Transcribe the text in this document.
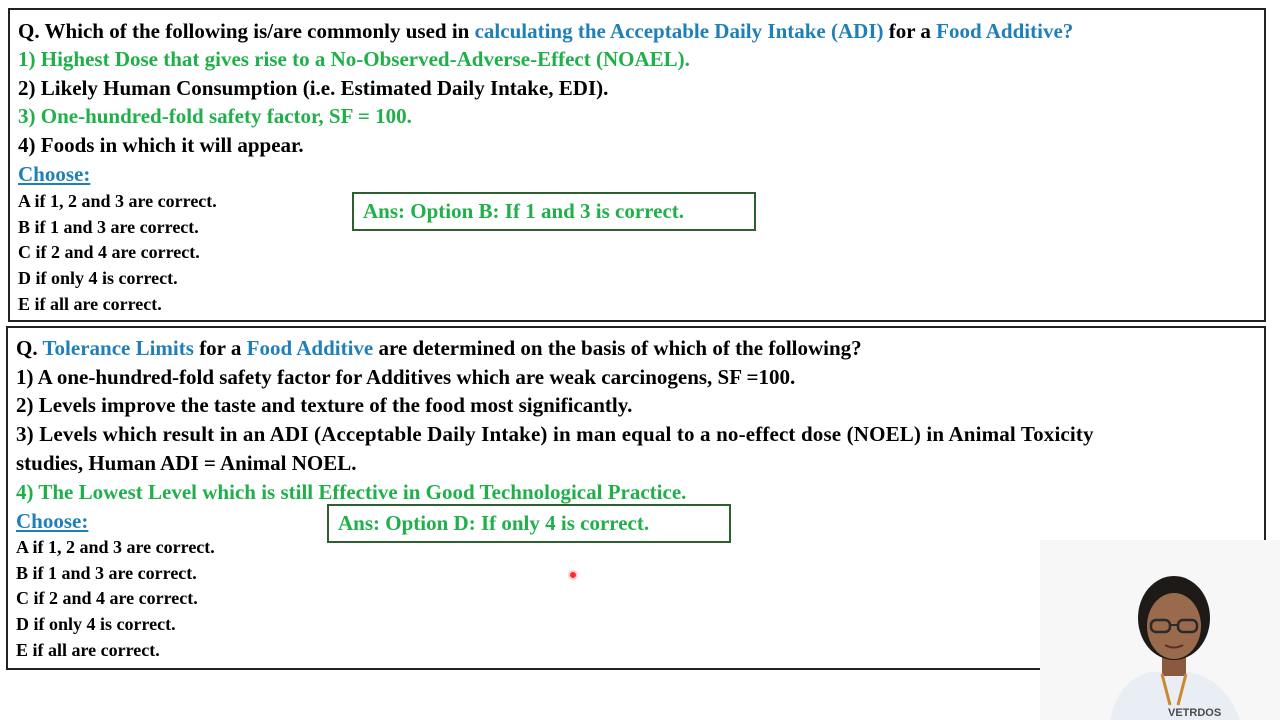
Q. Which of the following is/are commonly used in calculating the Acceptable Daily Intake (ADI) for a Food Additive?
1) Highest Dose that gives rise to a No-Observed-Adverse-Effect (NOAEL).
2) Likely Human Consumption (i.e. Estimated Daily Intake, EDI).
3) One-hundred-fold safety factor, SF = 100.
4) Foods in which it will appear.
Choose:
A if 1, 2 and 3 are correct.
B if 1 and 3 are correct.
C if 2 and 4 are correct.
D if only 4 is correct.
E if all are correct.
Ans: Option B: If 1 and 3 is correct.
Q. Tolerance Limits for a Food Additive are determined on the basis of which of the following?
1) A one-hundred-fold safety factor for Additives which are weak carcinogens, SF =100.
2) Levels improve the taste and texture of the food most significantly.
3) Levels which result in an ADI (Acceptable Daily Intake) in man equal to a no-effect dose (NOEL) in Animal Toxicity
studies, Human ADI = Animal NOEL.
4) The Lowest Level which is still Effective in Good Technological Practice.
Choose:
A if 1, 2 and 3 are correct.
B if 1 and 3 are correct.
C if 2 and 4 are correct.
D if only 4 is correct.
E if all are correct.
Ans: Option D: If only 4 is correct.
VETRDOS
